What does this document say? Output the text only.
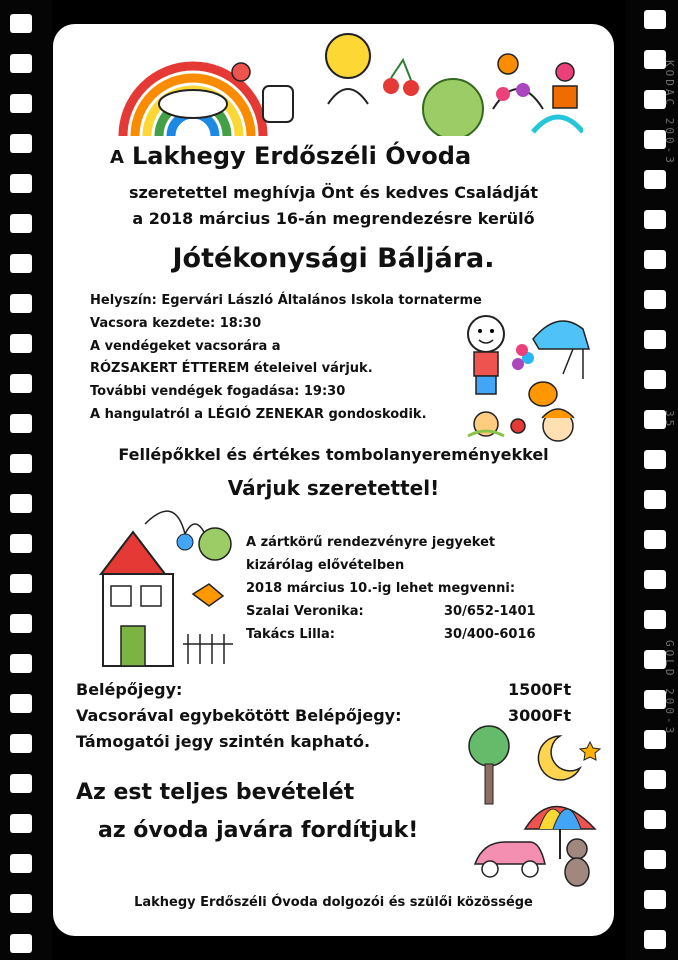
KODAC 200-3
35
GOLD 200-3
A Lakhegy Erdőszéli Óvoda
szeretettel meghívja Önt és kedves Családját
a 2018 március 16-án megrendezésre kerülő
Jótékonysági Báljára.
Helyszín: Egervári László Általános Iskola tornaterme
Vacsora kezdete: 18:30
A vendégeket vacsorára a
RÓZSAKERT ÉTTEREM ételeivel várjuk.
További vendégek fogadása: 19:30
A hangulatról a LÉGIÓ ZENEKAR gondoskodik.
Fellépőkkel és értékes tombolanyereményekkel
Várjuk szeretettel!
A zártkörű rendezvényre jegyeket
kizárólag elővételben
2018 március 10.-ig lehet megvenni:
Szalai Veronika:	30/652-1401
Takács Lilla:	30/400-6016
Belépőjegy:	1500Ft
Vacsorával egybekötött Belépőjegy:	3000Ft
Támogatói jegy szintén kapható.
Az est teljes bevételét
az óvoda javára fordítjuk!
Lakhegy Erdőszéli Óvoda dolgozói és szülői közössége
